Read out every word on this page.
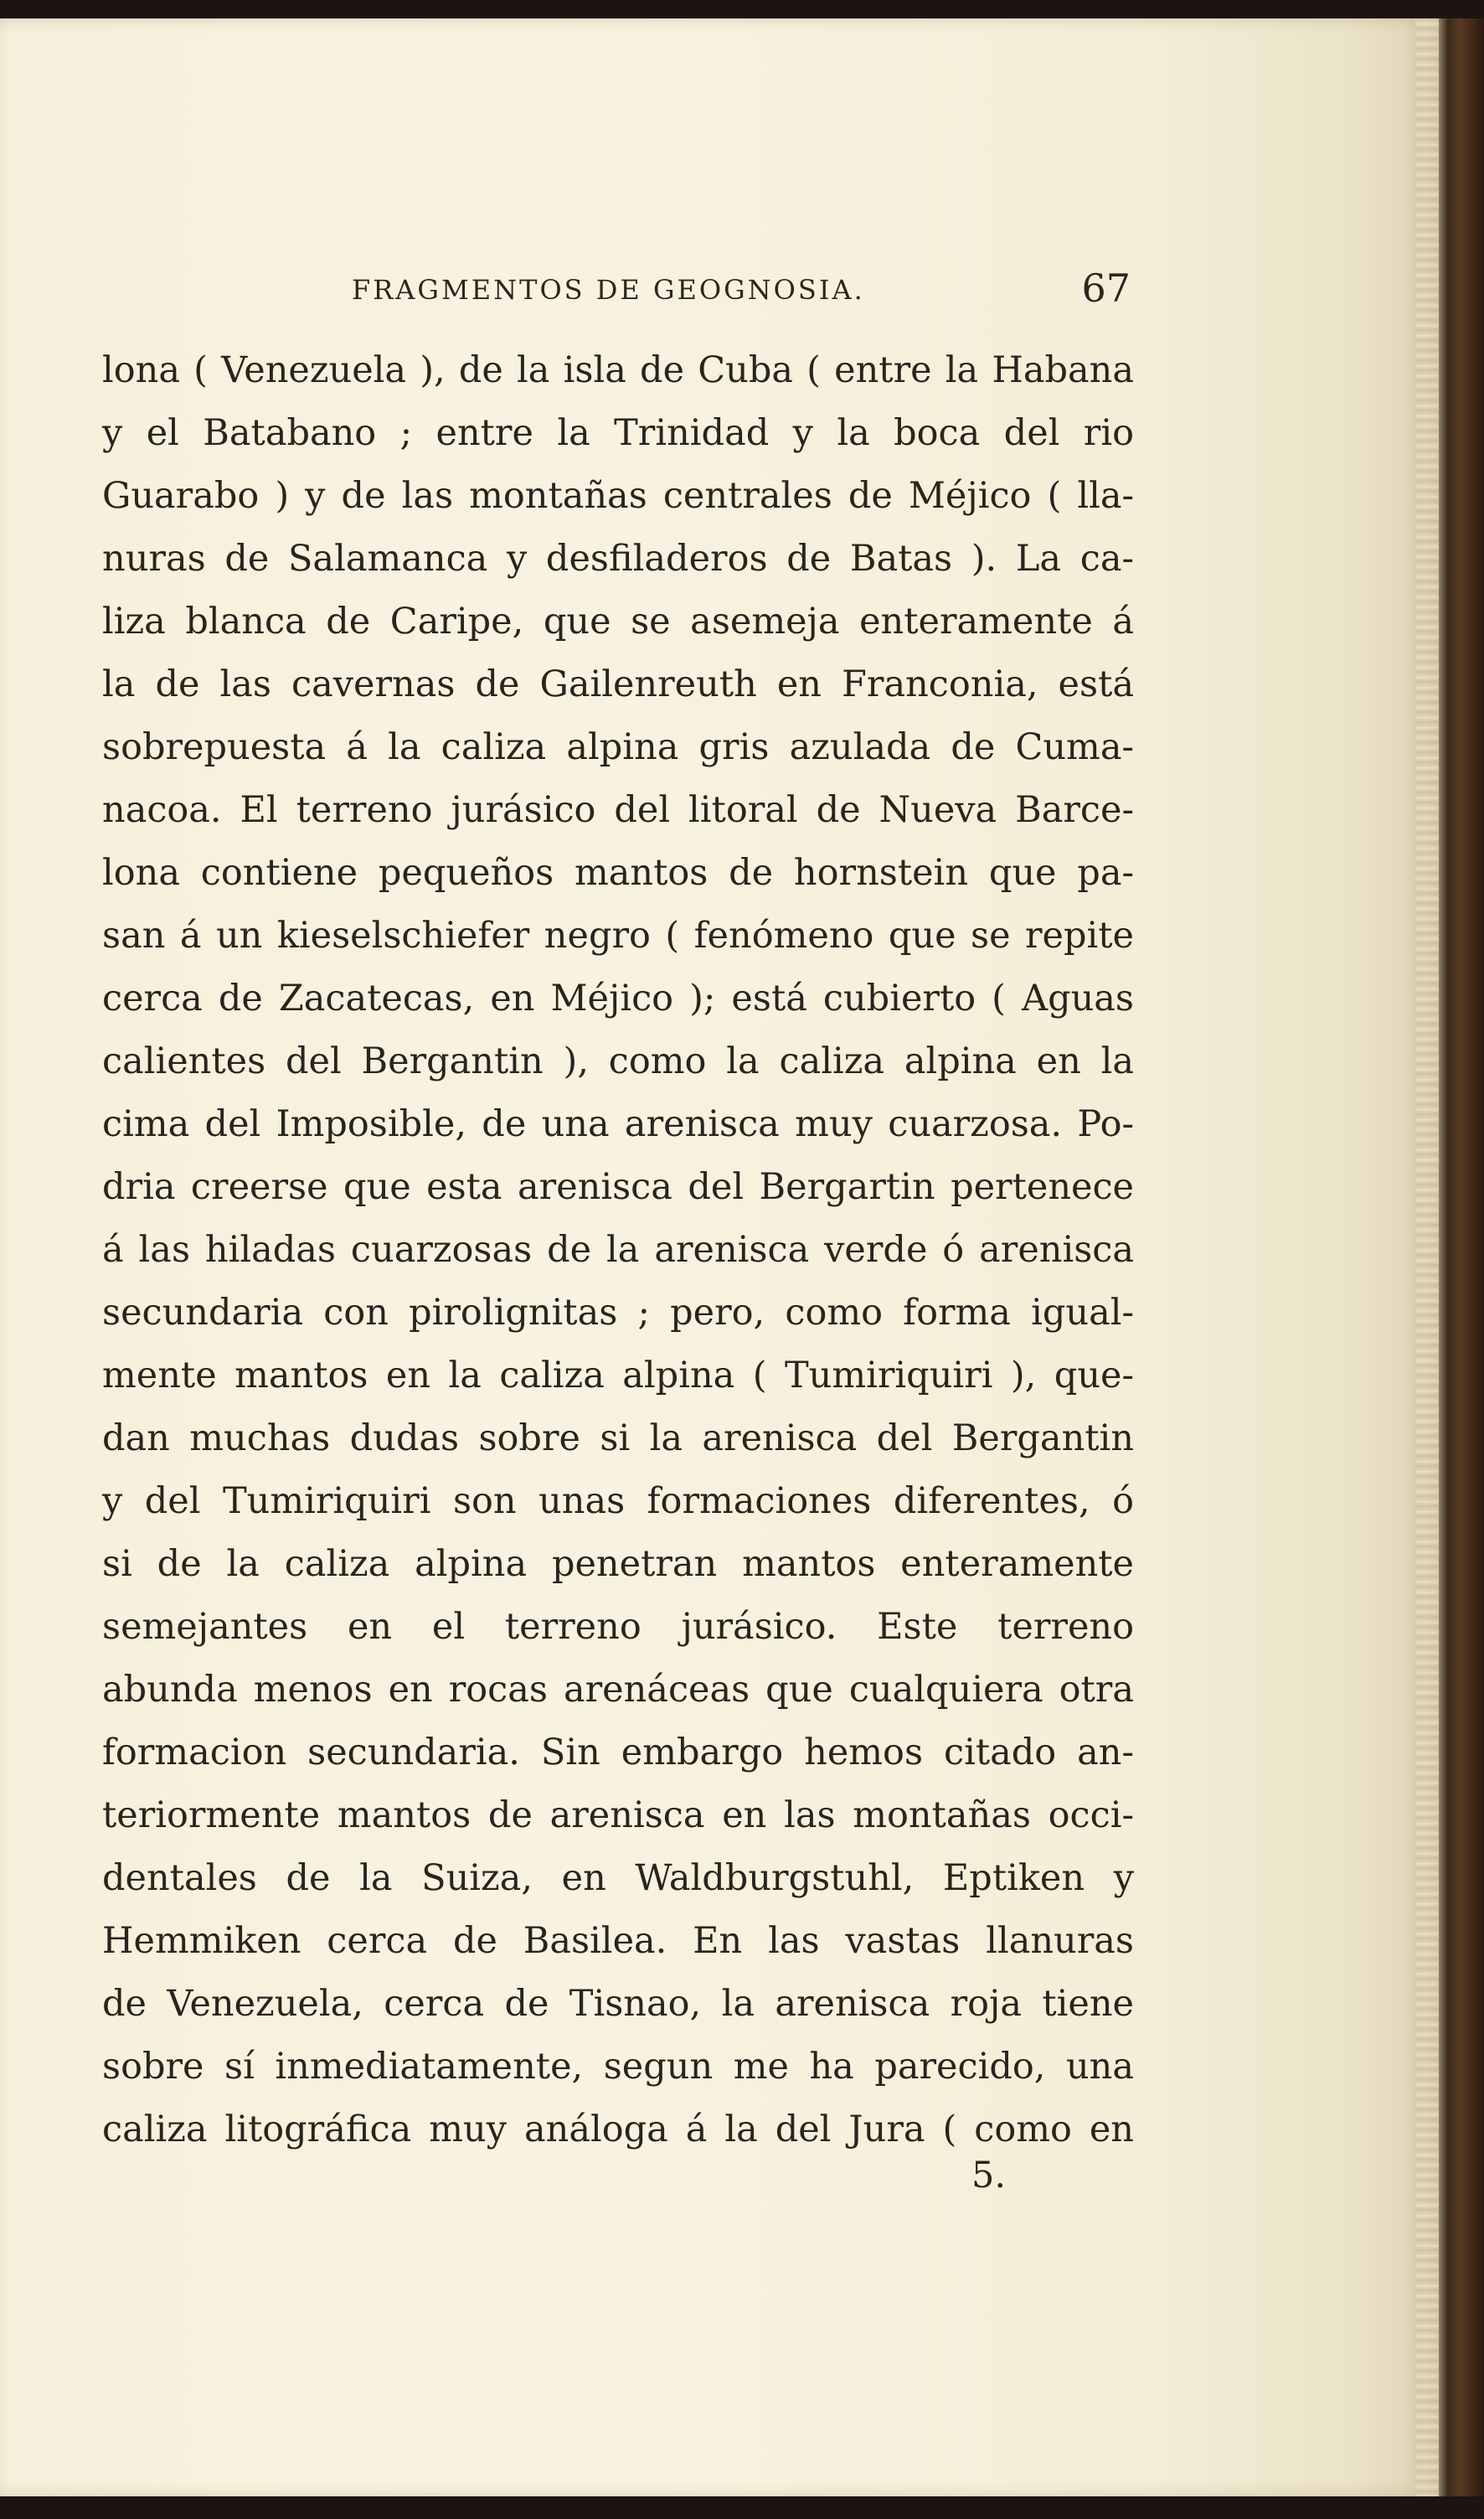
FRAGMENTOS DE GEOGNOSIA.	67
lona ( Venezuela ), de la isla de Cuba ( entre la Habana
y el Batabano ; entre la Trinidad y la boca del rio
Guarabo ) y de las montañas centrales de Méjico ( lla-
nuras de Salamanca y desfiladeros de Batas ). La ca-
liza blanca de Caripe, que se asemeja enteramente á
la de las cavernas de Gailenreuth en Franconia, está
sobrepuesta á la caliza alpina gris azulada de Cuma-
nacoa. El terreno jurásico del litoral de Nueva Barce-
lona contiene pequeños mantos de hornstein que pa-
san á un kieselschiefer negro ( fenómeno que se repite
cerca de Zacatecas, en Méjico ); está cubierto ( Aguas
calientes del Bergantin ), como la caliza alpina en la
cima del Imposible, de una arenisca muy cuarzosa. Po-
dria creerse que esta arenisca del Bergartin pertenece
á las hiladas cuarzosas de la arenisca verde ó arenisca
secundaria con pirolignitas ; pero, como forma igual-
mente mantos en la caliza alpina ( Tumiriquiri ), que-
dan muchas dudas sobre si la arenisca del Bergantin
y del Tumiriquiri son unas formaciones diferentes, ó
si de la caliza alpina penetran mantos enteramente
semejantes en el terreno jurásico. Este terreno
abunda menos en rocas arenáceas que cualquiera otra
formacion secundaria. Sin embargo hemos citado an-
teriormente mantos de arenisca en las montañas occi-
dentales de la Suiza, en Waldburgstuhl, Eptiken y
Hemmiken cerca de Basilea. En las vastas llanuras
de Venezuela, cerca de Tisnao, la arenisca roja tiene
sobre sí inmediatamente, segun me ha parecido, una
caliza litográfica muy análoga á la del Jura ( como en
5.
